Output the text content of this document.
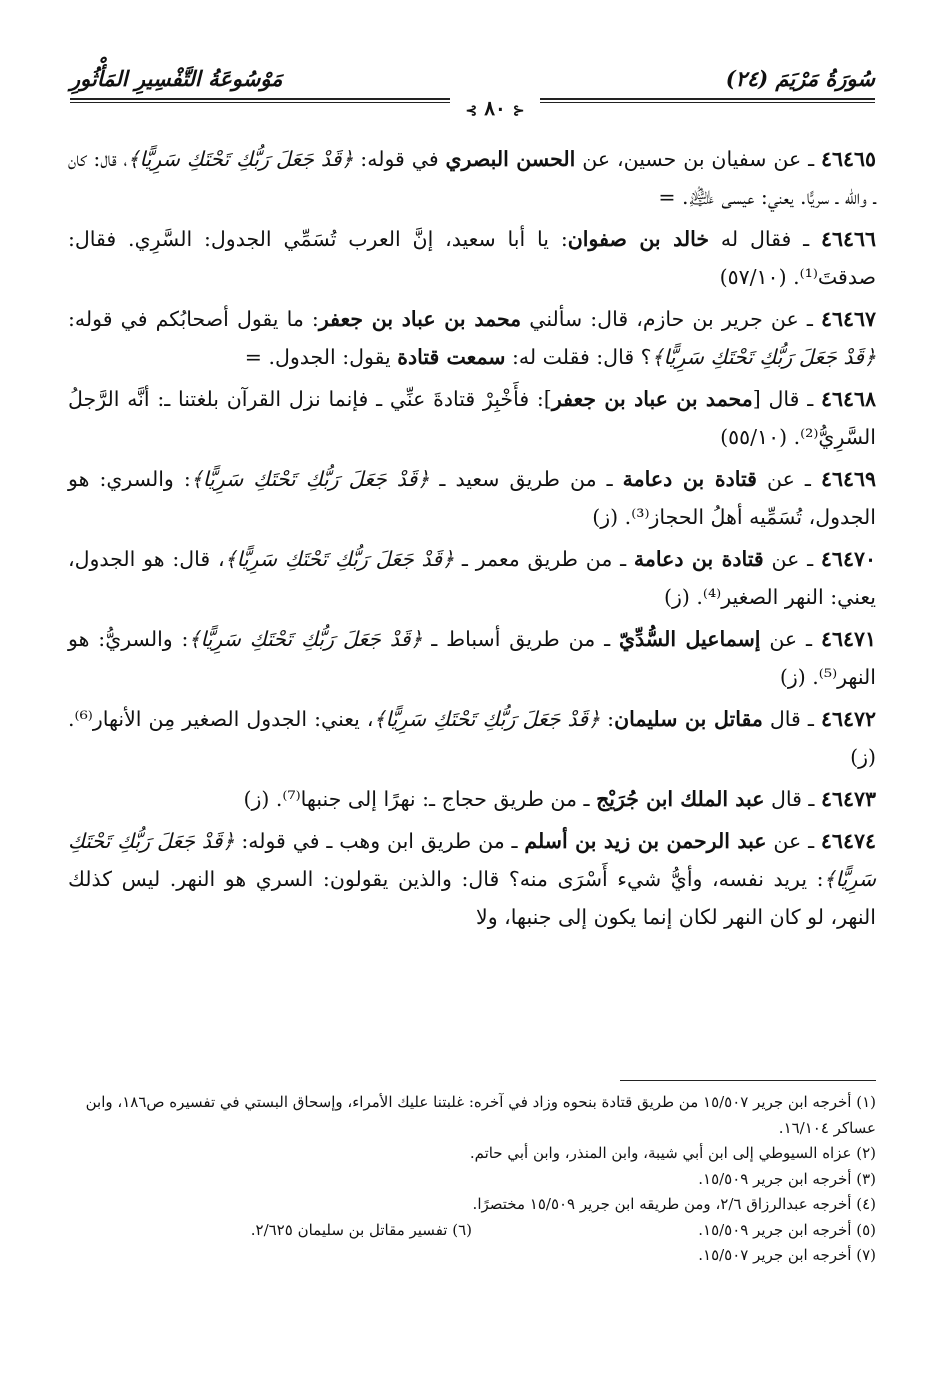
سُورَةُ مَرْيَمَ (٢٤)
مَوْسُوعَةُ التَّفْسِيرِ المَأْثُورِ
⊰ ٨٠ ⊱

٤٦٤٦٥ ـ عن سفيان بن حسين، عن الحسن البصري في قوله: ﴿قَدْ جَعَلَ رَبُّكِ تَحْتَكِ سَرِيًّا﴾، قال: كان ـ والله ـ سريًّا. يعني: عيسى ﵇. =

٤٦٤٦٦ ـ فقال له خالد بن صفوان: يا أبا سعيد، إنَّ العرب تُسَمِّي الجدول: السَّرِي. فقال: صدقتَ⁽¹⁾. (٥٧/١٠)

٤٦٤٦٧ ـ عن جرير بن حازم، قال: سألني محمد بن عباد بن جعفر: ما يقول أصحابُكم في قوله: ﴿قَدْ جَعَلَ رَبُّكِ تَحْتَكِ سَرِيًّا﴾؟ قال: فقلت له: سمعت قتادة يقول: الجدول. =

٤٦٤٦٨ ـ قال [محمد بن عباد بن جعفر]: فأَخْبِرْ قتادةَ عنِّي ـ فإنما نزل القرآن بلغتنا ـ: أنَّه الرَّجلُ السَّرِيُّ⁽²⁾. (٥٥/١٠)

٤٦٤٦٩ ـ عن قتادة بن دعامة ـ من طريق سعيد ـ ﴿قَدْ جَعَلَ رَبُّكِ تَحْتَكِ سَرِيًّا﴾: والسري: هو الجدول، تُسَمِّيه أهلُ الحجاز⁽³⁾. (ز)

٤٦٤٧٠ ـ عن قتادة بن دعامة ـ من طريق معمر ـ ﴿قَدْ جَعَلَ رَبُّكِ تَحْتَكِ سَرِيًّا﴾، قال: هو الجدول، يعني: النهر الصغير⁽⁴⁾. (ز)

٤٦٤٧١ ـ عن إسماعيل السُّدِّيّ ـ من طريق أسباط ـ ﴿قَدْ جَعَلَ رَبُّكِ تَحْتَكِ سَرِيًّا﴾: والسريُّ: هو النهر⁽⁵⁾. (ز)

٤٦٤٧٢ ـ قال مقاتل بن سليمان: ﴿قَدْ جَعَلَ رَبُّكِ تَحْتَكِ سَرِيًّا﴾، يعني: الجدول الصغير مِن الأنهار⁽⁶⁾. (ز)

٤٦٤٧٣ ـ قال عبد الملك ابن جُرَيْج ـ من طريق حجاج ـ: نهرًا إلى جنبها⁽⁷⁾. (ز)

٤٦٤٧٤ ـ عن عبد الرحمن بن زيد بن أسلم ـ من طريق ابن وهب ـ في قوله: ﴿قَدْ جَعَلَ رَبُّكِ تَحْتَكِ سَرِيًّا﴾: يريد نفسه، وأيُّ شيء أَسْرَى منه؟ قال: والذين يقولون: السري هو النهر. ليس كذلك النهر، لو كان النهر لكان إنما يكون إلى جنبها، ولا

(١) أخرجه ابن جرير ١٥/٥٠٧ من طريق قتادة بنحوه وزاد في آخره: غلبتنا عليك الأمراء، وإسحاق البستي في تفسيره ص١٨٦، وابن عساكر ١٦/١٠٤.

(٢) عزاه السيوطي إلى ابن أبي شيبة، وابن المنذر، وابن أبي حاتم.

(٣) أخرجه ابن جرير ١٥/٥٠٩.

(٤) أخرجه عبدالرزاق ٢/٦، ومن طريقه ابن جرير ١٥/٥٠٩ مختصرًا.

(٥) أخرجه ابن جرير ١٥/٥٠٩.

(٦) تفسير مقاتل بن سليمان ٢/٦٢٥.

(٧) أخرجه ابن جرير ١٥/٥٠٧.
